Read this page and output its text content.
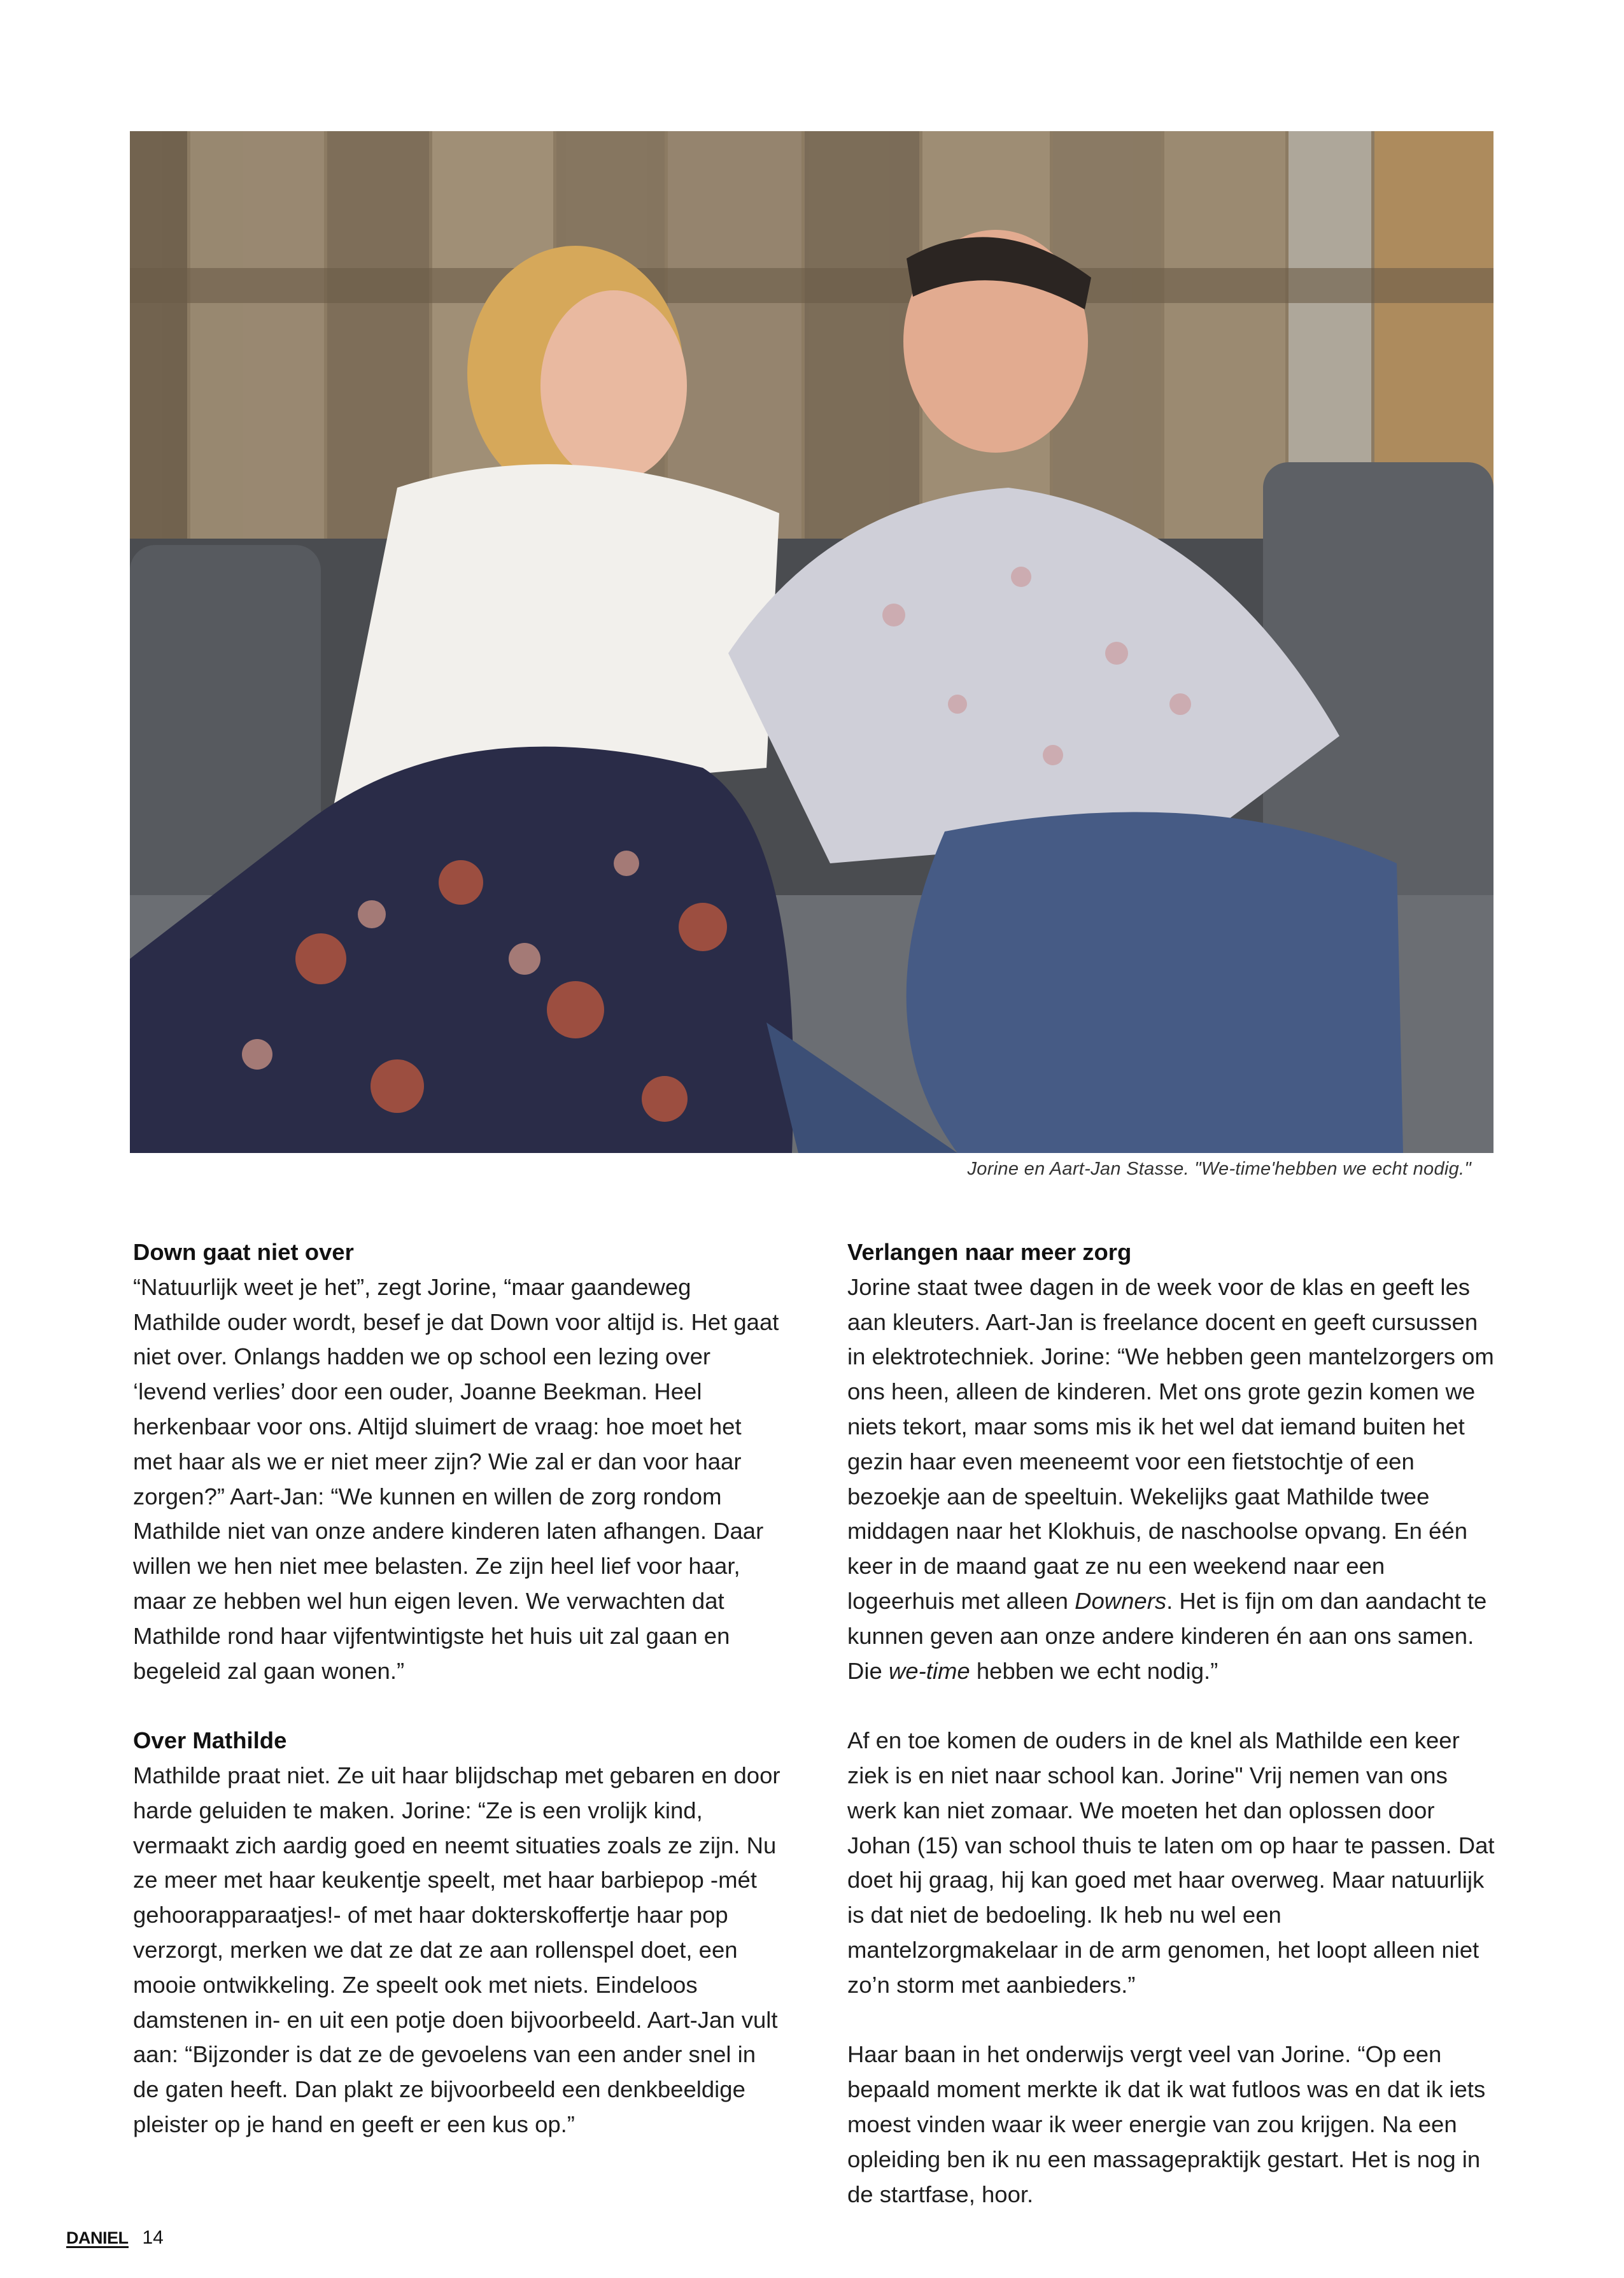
Jorine en Aart-Jan Stasse. "We-time'hebben we echt nodig."
Down gaat niet over

“Natuurlijk weet je het”, zegt Jorine, “maar gaandeweg Mathilde ouder wordt, besef je dat Down voor altijd is. Het gaat niet over. Onlangs hadden we op school een lezing over ‘levend verlies’ door een ouder, Joanne Beekman. Heel herkenbaar voor ons. Altijd sluimert de vraag: hoe moet het met haar als we er niet meer zijn? Wie zal er dan voor haar zorgen?” Aart-Jan: “We kunnen en willen de zorg rondom Mathilde niet van onze andere kinderen laten afhangen. Daar willen we hen niet mee belasten. Ze zijn heel lief voor haar, maar ze hebben wel hun eigen leven. We verwachten dat Mathilde rond haar vijfentwintigste het huis uit zal gaan en begeleid zal gaan wonen.”

Over Mathilde

Mathilde praat niet. Ze uit haar blijdschap met gebaren en door harde geluiden te maken. Jorine: “Ze is een vrolijk kind, vermaakt zich aardig goed en neemt situaties zoals ze zijn. Nu ze meer met haar keukentje speelt, met haar barbiepop -mét gehoorapparaatjes!- of met haar dokterskoffertje haar pop verzorgt, merken we dat ze dat ze aan rollenspel doet, een mooie ontwikkeling. Ze speelt ook met niets. Eindeloos damstenen in- en uit een potje doen bijvoorbeeld. Aart-Jan vult aan: “Bijzonder is dat ze de gevoelens van een ander snel in de gaten heeft. Dan plakt ze bijvoorbeeld een denkbeeldige pleister op je hand en geeft er een kus op.”

Verlangen naar meer zorg

Jorine staat twee dagen in de week voor de klas en geeft les aan kleuters. Aart-Jan is freelance docent en geeft cursussen in elektrotechniek. Jorine: “We hebben geen mantelzorgers om ons heen, alleen de kinderen. Met ons grote gezin komen we niets tekort, maar soms mis ik het wel dat iemand buiten het gezin haar even meeneemt voor een fietstochtje of een bezoekje aan de speeltuin. Wekelijks gaat Mathilde twee middagen naar het Klokhuis, de naschoolse opvang. En één keer in de maand gaat ze nu een weekend naar een logeerhuis met alleen Downers. Het is fijn om dan aandacht te kunnen geven aan onze andere kinderen én aan ons samen. Die we-time hebben we echt nodig.”

Af en toe komen de ouders in de knel als Mathilde een keer ziek is en niet naar school kan. Jorine" Vrij nemen van ons werk kan niet zomaar. We moeten het dan oplossen door Johan (15) van school thuis te laten om op haar te passen. Dat doet hij graag, hij kan goed met haar overweg. Maar natuurlijk is dat niet de bedoeling. Ik heb nu wel een mantelzorgmakelaar in de arm genomen, het loopt alleen niet zo’n storm met aanbieders.”

Haar baan in het onderwijs vergt veel van Jorine. “Op een bepaald moment merkte ik dat ik wat futloos was en dat ik iets moest vinden waar ik weer energie van zou krijgen. Na een opleiding ben ik nu een massagepraktijk gestart. Het is nog in de startfase, hoor.

DANIEL 14
